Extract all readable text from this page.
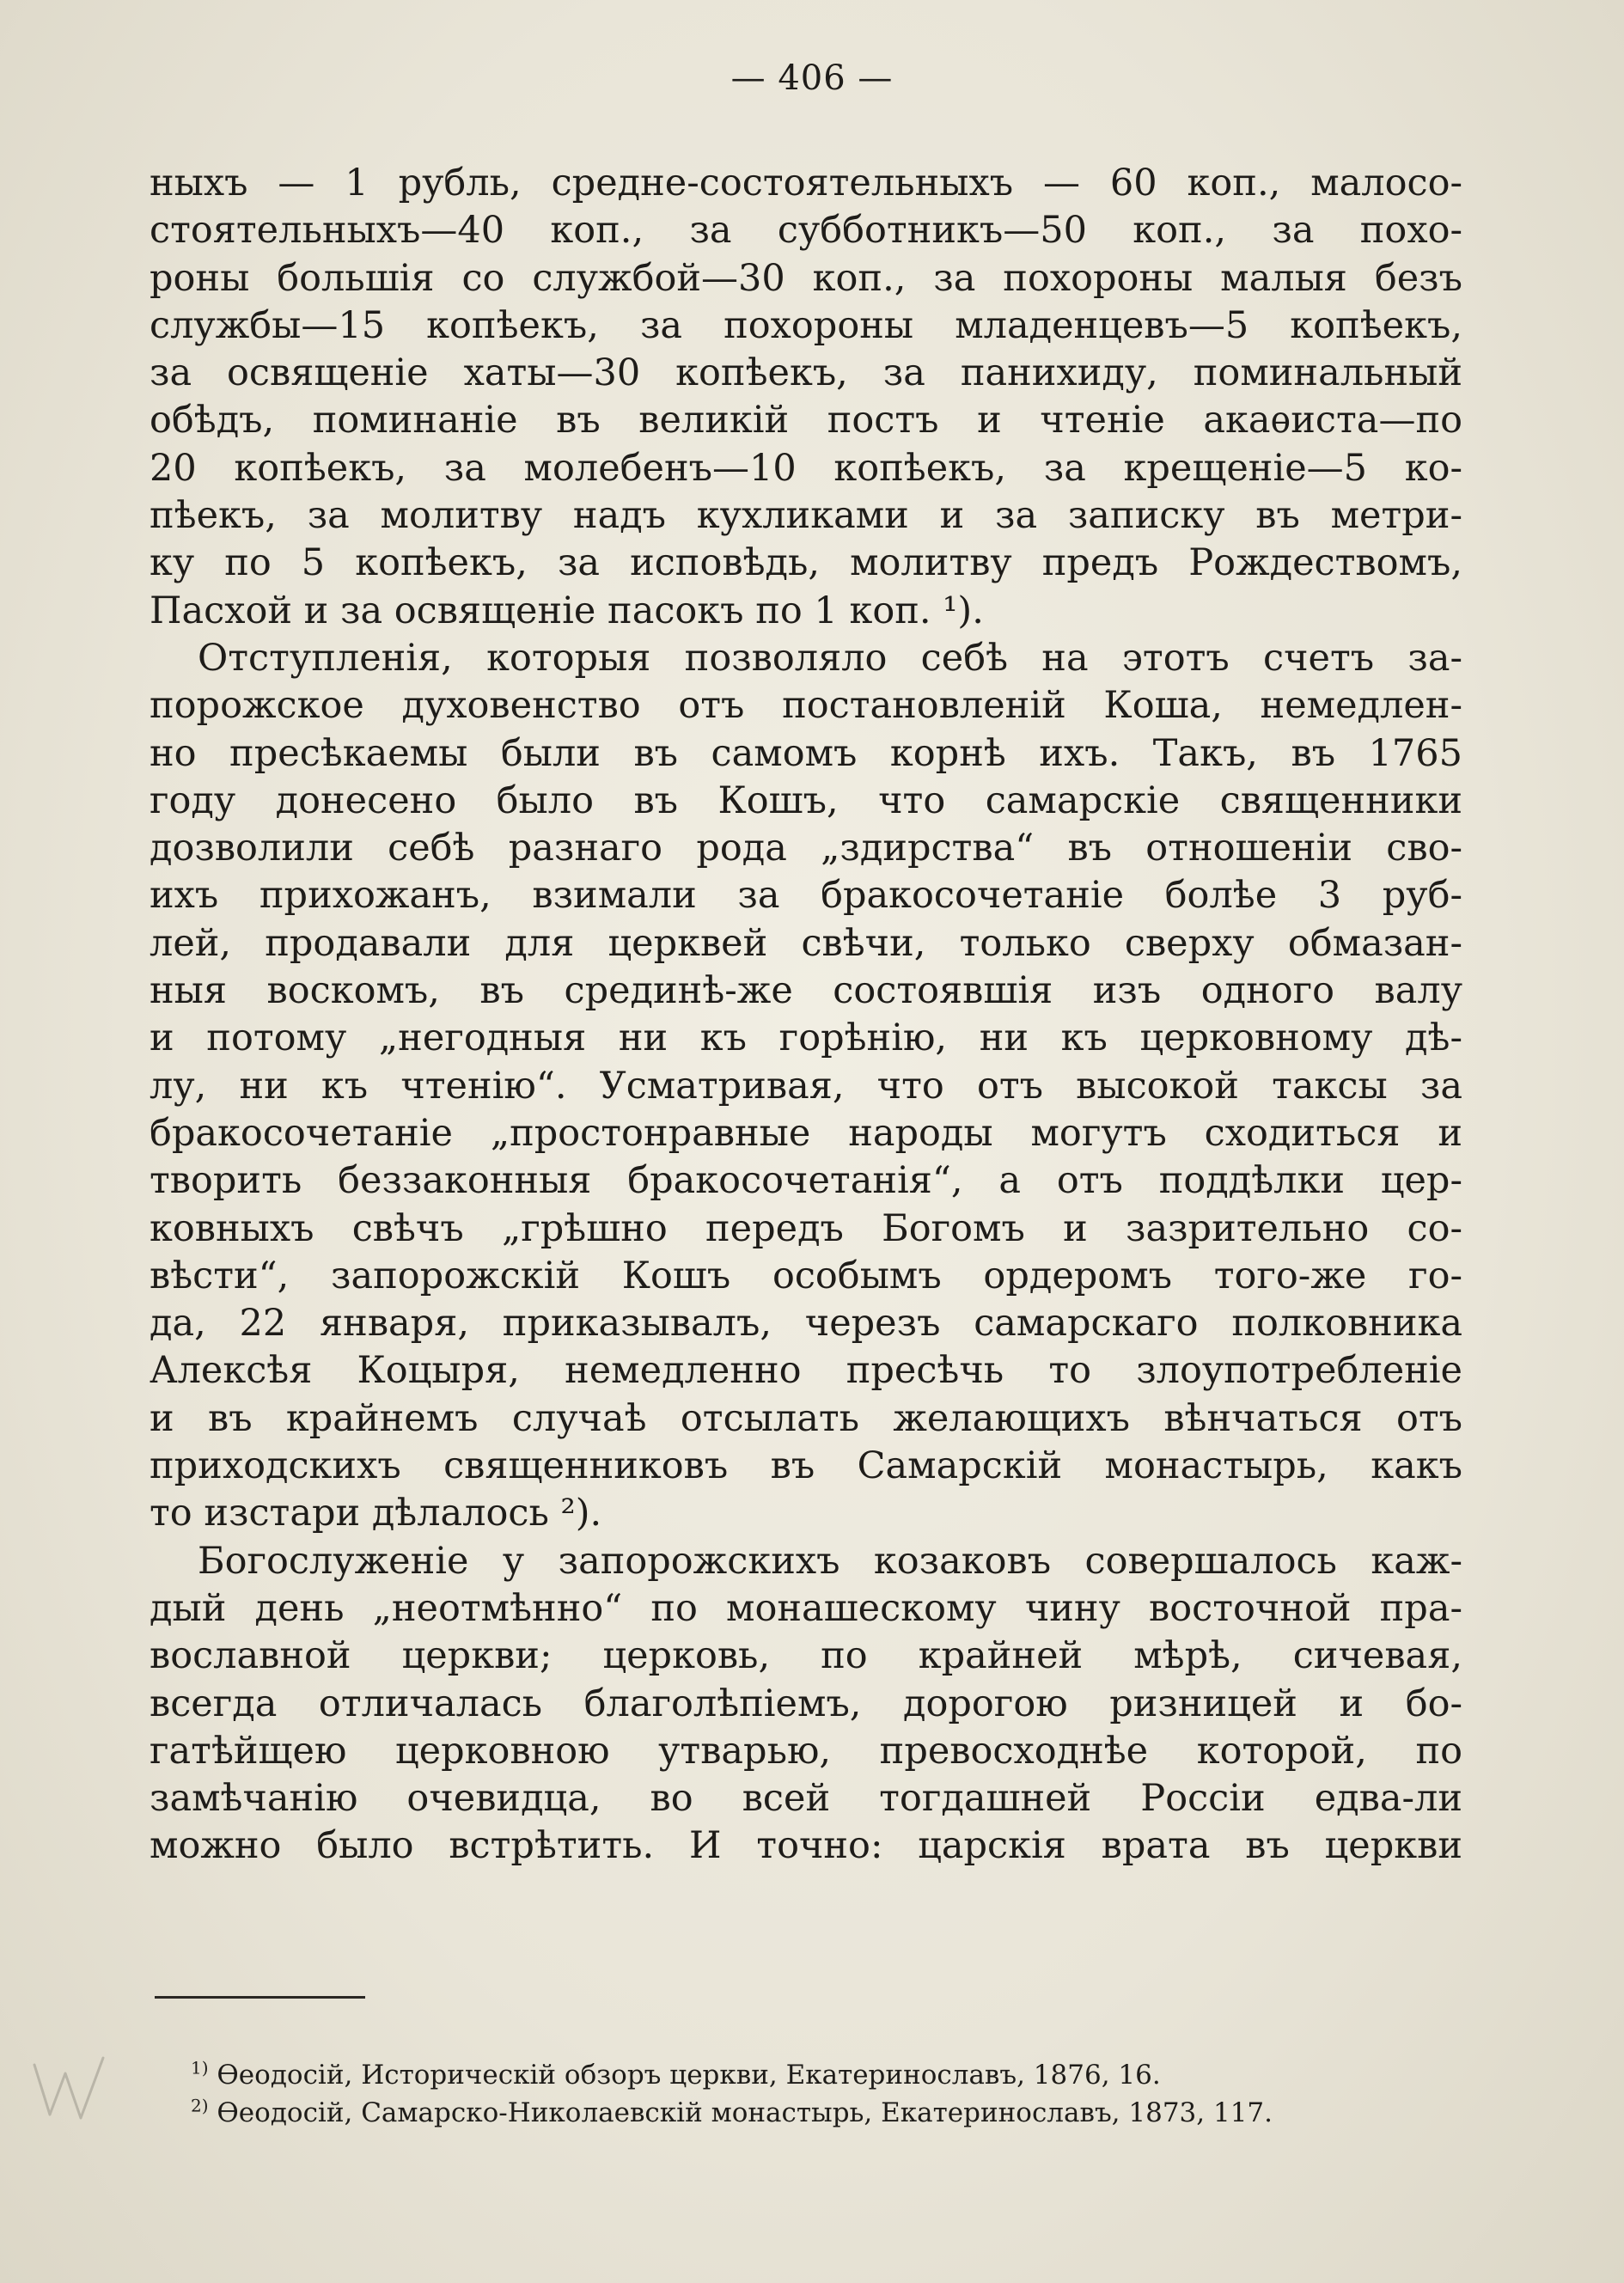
— 406 —
ныхъ — 1 рубль, средне-состоятельныхъ — 60 коп., малосо-
стоятельныхъ—40 коп., за субботникъ—50 коп., за похо-
роны большiя со службой—30 коп., за похороны малыя безъ
службы—15 копѣекъ, за похороны младенцевъ—5 копѣекъ,
за освященiе хаты—30 копѣекъ, за панихиду, поминальный
обѣдъ, поминанiе въ великiй постъ и чтенiе акаѳиста—по
20 копѣекъ, за молебенъ—10 копѣекъ, за крещенiе—5 ко-
пѣекъ, за молитву надъ кухликами и за записку въ метри-
ку по 5 копѣекъ, за исповѣдь, молитву предъ Рождествомъ,
Пасхой и за освященiе пасокъ по 1 коп. ¹).
Отступленiя, которыя позволяло себѣ на этотъ счетъ за-
порожское духовенство отъ постановленiй Коша, немедлен-
но пресѣкаемы были въ самомъ корнѣ ихъ. Такъ, въ 1765
году донесено было въ Кошъ, что самарскiе священники
дозволили себѣ разнаго рода „здирства“ въ отношенiи сво-
ихъ прихожанъ, взимали за бракосочетанiе болѣе 3 руб-
лей, продавали для церквей свѣчи, только сверху обмазан-
ныя воскомъ, въ срединѣ-же состоявшiя изъ одного валу
и потому „негодныя ни къ горѣнiю, ни къ церковному дѣ-
лу, ни къ чтенiю“. Усматривая, что отъ высокой таксы за
бракосочетанiе „простонравные народы могутъ сходиться и
творить беззаконныя бракосочетанiя“, а отъ поддѣлки цер-
ковныхъ свѣчъ „грѣшно передъ Богомъ и зазрительно со-
вѣсти“, запорожскiй Кошъ особымъ ордеромъ того-же го-
да, 22 января, приказывалъ, черезъ самарскаго полковника
Алексѣя Коцыря, немедленно пресѣчь то злоупотребленiе
и въ крайнемъ случаѣ отсылать желающихъ вѣнчаться отъ
приходскихъ священниковъ въ Самарскiй монастырь, какъ
то изстари дѣлалось ²).
Богослуженiе у запорожскихъ козаковъ совершалось каж-
дый день „неотмѣнно“ по монашескому чину восточной пра-
вославной церкви; церковь, по крайней мѣрѣ, сичевая,
всегда отличалась благолѣпiемъ, дорогою ризницей и бо-
гатѣйщею церковною утварью, превосходнѣе которой, по
замѣчанiю очевидца, во всей тогдашней Россiи едва-ли
можно было встрѣтить. И точно: царскiя врата въ церкви
$^{1)}$ Ѳеодосiй, Историческiй обзоръ церкви, Екатеринославъ, 1876, 16.
$^{2)}$ Ѳеодосiй, Самарско-Николаевскiй монастырь, Екатеринославъ, 1873, 117.
